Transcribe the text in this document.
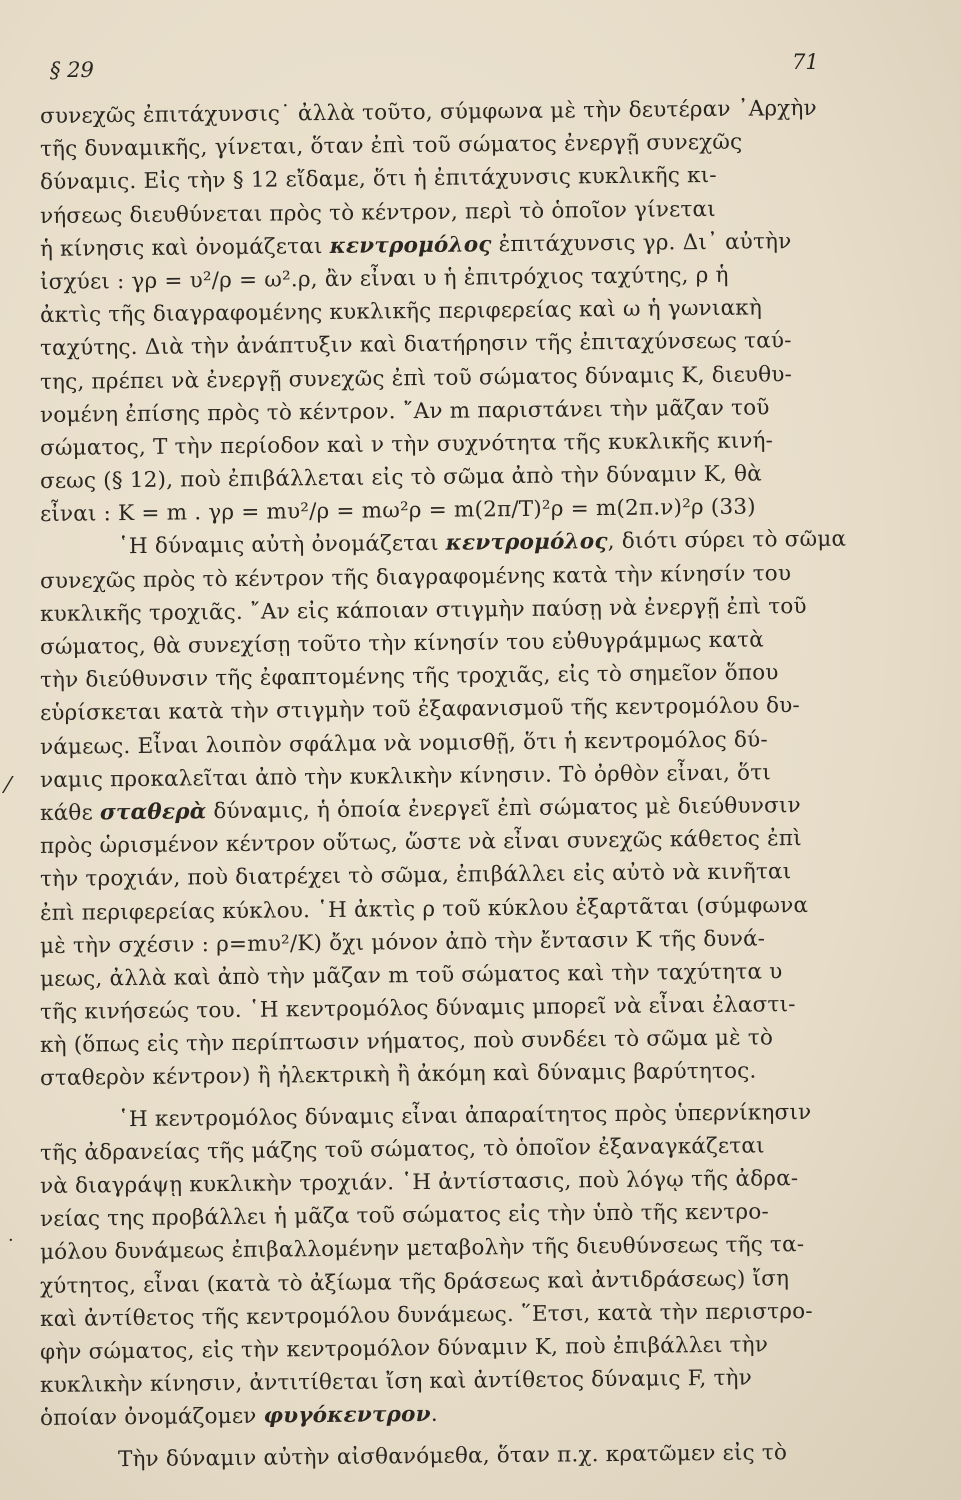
§ 29	71
⁄
·
συνεχῶς ἐπιτάχυνσις˙ ἀλλὰ τοῦτο, σύμφωνα μὲ τὴν δευτέραν ᾿Αρχὴν
τῆς δυναμικῆς, γίνεται, ὅταν ἐπὶ τοῦ σώματος ἐνεργῇ συνεχῶς
δύναμις. Εἰς τὴν § 12 εἴδαμε, ὅτι ἡ ἐπιτάχυνσις κυκλικῆς κι-
νήσεως διευθύνεται πρὸς τὸ κέντρον, περὶ τὸ ὁποῖον γίνεται
ἡ κίνησις καὶ ὀνομάζεται κεντρομόλος ἐπιτάχυνσις γρ. Δι᾿ αὐτὴν
ἰσχύει : γρ = υ²/ρ = ω².ρ, ἂν εἶναι υ ἡ ἐπιτρόχιος ταχύτης, ρ ἡ
ἀκτὶς τῆς διαγραφομένης κυκλικῆς περιφερείας καὶ ω ἡ γωνιακὴ
ταχύτης. Διὰ τὴν ἀνάπτυξιν καὶ διατήρησιν τῆς ἐπιταχύνσεως ταύ-
της, πρέπει νὰ ἐνεργῇ συνεχῶς ἐπὶ τοῦ σώματος δύναμις Κ, διευθυ-
νομένη ἐπίσης πρὸς τὸ κέντρον. ῎Αν m παριστάνει τὴν μᾶζαν τοῦ
σώματος, Τ τὴν περίοδον καὶ ν τὴν συχνότητα τῆς κυκλικῆς κινή-
σεως (§ 12), ποὺ ἐπιβάλλεται εἰς τὸ σῶμα ἀπὸ τὴν δύναμιν Κ, θὰ
εἶναι : Κ = m . γρ = mυ²/ρ = mω²ρ = m(2π/Τ)²ρ = m(2π.ν)²ρ (33)
῾Η δύναμις αὐτὴ ὀνομάζεται κεντρομόλος, διότι σύρει τὸ σῶμα
συνεχῶς πρὸς τὸ κέντρον τῆς διαγραφομένης κατὰ τὴν κίνησίν του
κυκλικῆς τροχιᾶς. ῎Αν εἰς κάποιαν στιγμὴν παύσῃ νὰ ἐνεργῇ ἐπὶ τοῦ
σώματος, θὰ συνεχίσῃ τοῦτο τὴν κίνησίν του εὐθυγράμμως κατὰ
τὴν διεύθυνσιν τῆς ἐφαπτομένης τῆς τροχιᾶς, εἰς τὸ σημεῖον ὅπου
εὑρίσκεται κατὰ τὴν στιγμὴν τοῦ ἐξαφανισμοῦ τῆς κεντρομόλου δυ-
νάμεως. Εἶναι λοιπὸν σφάλμα νὰ νομισθῇ, ὅτι ἡ κεντρομόλος δύ-
ναμις προκαλεῖται ἀπὸ τὴν κυκλικὴν κίνησιν. Τὸ ὀρθὸν εἶναι, ὅτι
κάθε σταθερὰ δύναμις, ἡ ὁποία ἐνεργεῖ ἐπὶ σώματος μὲ διεύθυνσιν
πρὸς ὡρισμένον κέντρον οὕτως, ὥστε νὰ εἶναι συνεχῶς κάθετος ἐπὶ
τὴν τροχιάν, ποὺ διατρέχει τὸ σῶμα, ἐπιβάλλει εἰς αὐτὸ νὰ κινῆται
ἐπὶ περιφερείας κύκλου. ῾Η ἀκτὶς ρ τοῦ κύκλου ἐξαρτᾶται (σύμφωνα
μὲ τὴν σχέσιν : ρ=mυ²/Κ) ὄχι μόνον ἀπὸ τὴν ἔντασιν Κ τῆς δυνά-
μεως, ἀλλὰ καὶ ἀπὸ τὴν μᾶζαν m τοῦ σώματος καὶ τὴν ταχύτητα υ
τῆς κινήσεώς του. ῾Η κεντρομόλος δύναμις μπορεῖ νὰ εἶναι ἐλαστι-
κὴ (ὅπως εἰς τὴν περίπτωσιν νήματος, ποὺ συνδέει τὸ σῶμα μὲ τὸ
σταθερὸν κέντρον) ἢ ἠλεκτρικὴ ἢ ἀκόμη καὶ δύναμις βαρύτητος.
῾Η κεντρομόλος δύναμις εἶναι ἀπαραίτητος πρὸς ὑπερνίκησιν
τῆς ἀδρανείας τῆς μάζης τοῦ σώματος, τὸ ὁποῖον ἐξαναγκάζεται
νὰ διαγράψῃ κυκλικὴν τροχιάν. ῾Η ἀντίστασις, ποὺ λόγῳ τῆς ἀδρα-
νείας της προβάλλει ἡ μᾶζα τοῦ σώματος εἰς τὴν ὑπὸ τῆς κεντρο-
μόλου δυνάμεως ἐπιβαλλομένην μεταβολὴν τῆς διευθύνσεως τῆς τα-
χύτητος, εἶναι (κατὰ τὸ ἀξίωμα τῆς δράσεως καὶ ἀντιδράσεως) ἴση
καὶ ἀντίθετος τῆς κεντρομόλου δυνάμεως. ῞Ετσι, κατὰ τὴν περιστρο-
φὴν σώματος, εἰς τὴν κεντρομόλον δύναμιν Κ, ποὺ ἐπιβάλλει τὴν
κυκλικὴν κίνησιν, ἀντιτίθεται ἴση καὶ ἀντίθετος δύναμις F, τὴν
ὁποίαν ὀνομάζομεν φυγόκεντρον.
Τὴν δύναμιν αὐτὴν αἰσθανόμεθα, ὅταν π.χ. κρατῶμεν εἰς τὸ
